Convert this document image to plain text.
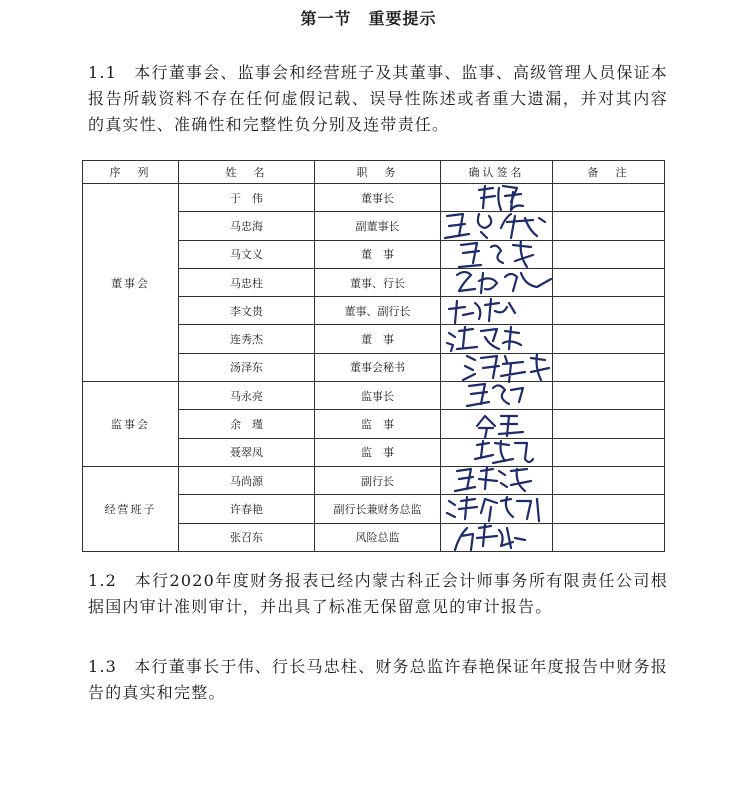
第一节　重要提示
1.1　本行董事会、监事会和经营班子及其董事、监事、高级管理人员保证本报告所载资料不存在任何虚假记载、误导性陈述或者重大遗漏，并对其内容的真实性、准确性和完整性负分别及连带责任。
序　列	姓　名	职　务	确认签名	备　注
董事会	于　伟	董事长	

	马忠海	副董事长	

	马文义	董　事	

	马忠柱	董事、行长	

	李文贵	董事、副行长	

	连秀杰	董　事	

	汤泽东	董事会秘书	

监事会	马永亮	监事长	

	余　瑾	监　事	

	聂翠凤	监　事	

经营班子	马尚源	副行长	

	许春艳	副行长兼财务总监	

	张召东	风险总监	

1.2　本行2020年度财务报表已经内蒙古科正会计师事务所有限责任公司根据国内审计准则审计，并出具了标准无保留意见的审计报告。
1.3　本行董事长于伟、行长马忠柱、财务总监许春艳保证年度报告中财务报告的真实和完整。
